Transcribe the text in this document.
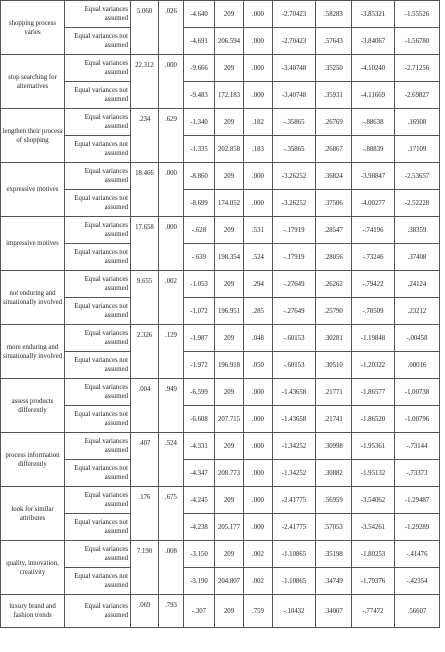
shopping process varies	Equal variances assumed	5.060	.026	-4.640	209	.000	-2.70423	.58283	-3.85321	-1.55526
	Equal variances not assumed			-4.691	206.594	.000	-2.70423	.57643	-3.84067	-1.56780
stop searching for alternatives	Equal variances assumed	22.312	.000	-9.666	209	.000	-3.40748	.35250	-4.10240	-2.71256
	Equal variances not assumed			-9.483	172.183	.000	-3.40748	.35931	-4.11669	-2.69827
lengthen their process of shopping	Equal variances assumed	.234	.629	-1.340	209	.182	-.35865	.26769	-.88638	.16908
	Equal variances not assumed			-1.335	202.858	.183	-.35865	.26867	-.88839	.17109
expressive motives	Equal variances assumed	18.466	.000	-8.860	209	.000	-3.26252	.36824	-3.98847	-2.53657
	Equal variances not assumed			-8.699	174.052	.000	-3.26252	.37506	-4.00277	-2.52228
impressive motives	Equal variances assumed	17.658	.000	-.628	209	.531	-.17919	.28547	-.74196	.38359
	Equal variances not assumed			-.639	198.354	.524	-.17919	.28056	-.73246	.37408
not enduring and situationally involved	Equal variances assumed	9.655	.002	-1.053	209	.294	-.27649	.26262	-.79422	.24124
	Equal variances not assumed			-1.072	196.951	.285	-.27649	.25790	-.78509	.23212
more enduring and situationally involved	Equal variances assumed	2.326	.129	-1.987	209	.048	-.60153	.30281	-1.19848	-.00458
	Equal variances not assumed			-1.972	196.918	.050	-.60153	.30510	-1.20322	.00016
assess products differently	Equal variances assumed	.004	.949	-6.599	209	.000	-1.43658	.21771	-1.86577	-1.00738
	Equal variances not assumed			-6.608	207.715	.000	-1.43658	.21741	-1.86520	-1.00796
process information differently	Equal variances assumed	.407	.524	-4.331	209	.000	-1.34252	.30998	-1.95361	-.73144
	Equal variances not assumed			-4.347	208.773	.000	-1.34252	.30882	-1.95132	-.73373
look for similar attributes	Equal variances assumed	.176	.675	-4.245	209	.000	-2.41775	.56959	-3.54062	-1.29487
	Equal variances not assumed			-4.238	205.177	.000	-2.41775	.57053	-3.54261	-1.29289
quality, innovation, creativity	Equal variances assumed	7.190	.008	-3.150	209	.002	-1.10865	.35198	-1.80253	-.41476
	Equal variances not assumed			-3.190	204.807	.002	-1.10865	.34749	-1.79376	-.42354
luxury brand and fashion trends	Equal variances assumed	.069	.793	-.307	209	.759	-.10432	.34007	-.77472	.56607
